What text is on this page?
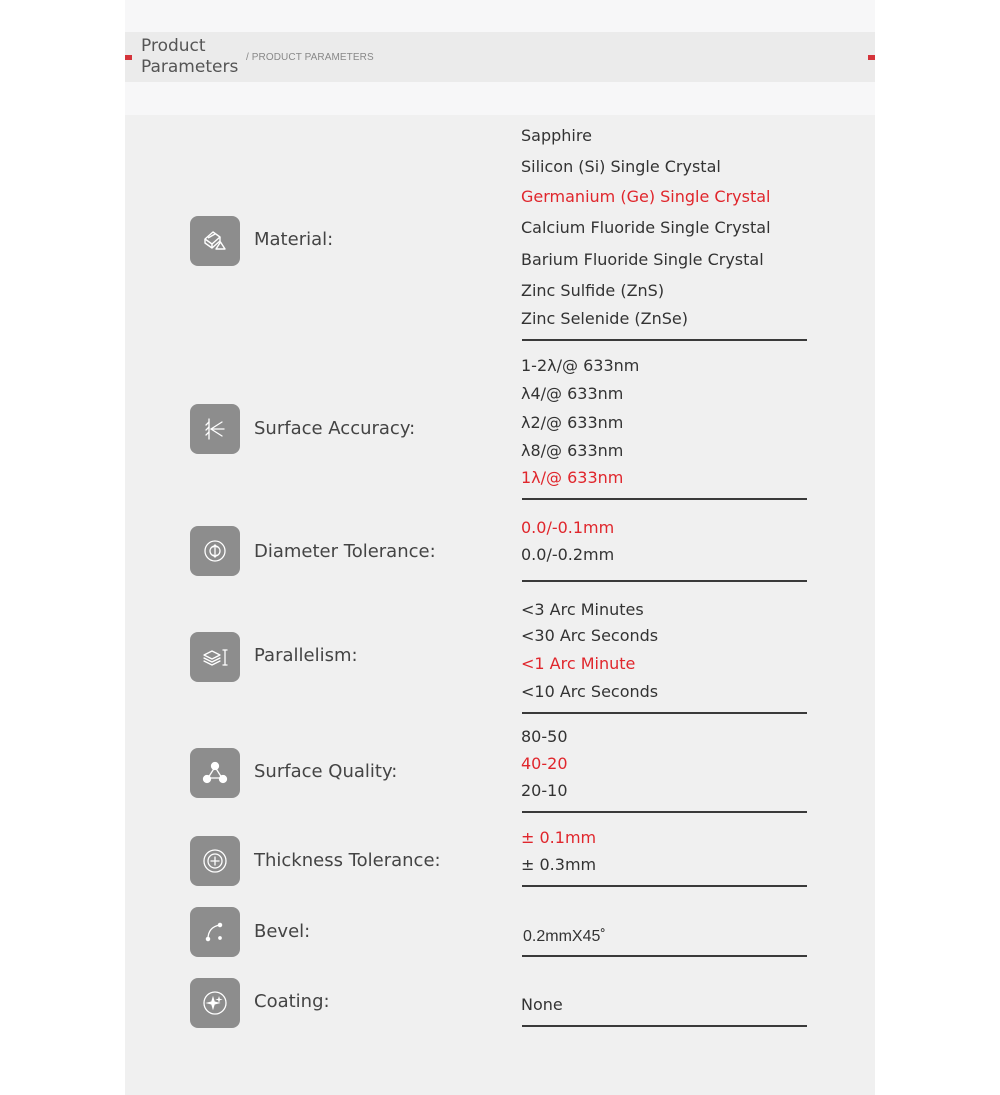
Product Parameters / PRODUCT PARAMETERS
Material:
Sapphire
Silicon (Si) Single Crystal
Germanium (Ge) Single Crystal
Calcium Fluoride Single Crystal
Barium Fluoride Single Crystal
Zinc Sulfide (ZnS)
Zinc Selenide (ZnSe)
Surface Accuracy:
1-2λ/@ 633nm
λ4/@ 633nm
λ2/@ 633nm
λ8/@ 633nm
1λ/@ 633nm
Diameter Tolerance:
0.0/-0.1mm
0.0/-0.2mm
Parallelism:
<3 Arc Minutes
<30 Arc Seconds
<1 Arc Minute
<10 Arc Seconds
Surface Quality:
80-50
40-20
20-10
Thickness Tolerance:
± 0.1mm
± 0.3mm
Bevel:	0.2mmX45˚
Coating:	None
